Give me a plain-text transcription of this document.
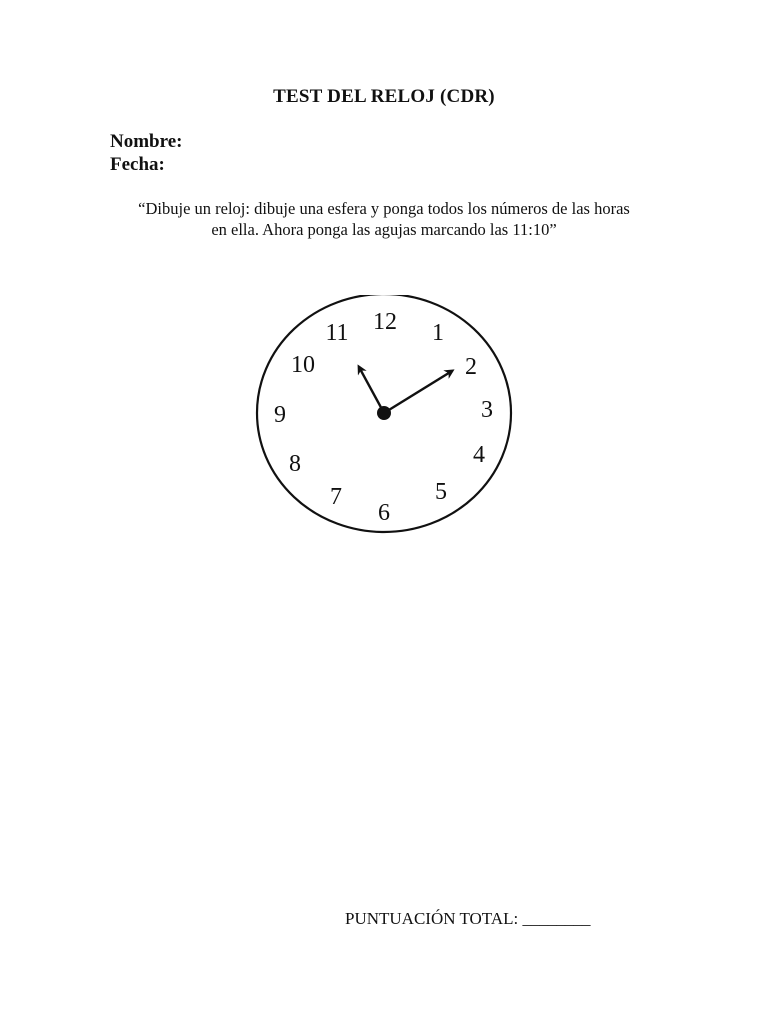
TEST DEL RELOJ (CDR)
Nombre:
Fecha:
“Dibuje un reloj: dibuje una esfera y ponga todos los números de las horas
en ella. Ahora ponga las agujas marcando las 11:10”
12 1
2
3
4
5
6
7
8
9
10
11
PUNTUACIÓN TOTAL: ________
